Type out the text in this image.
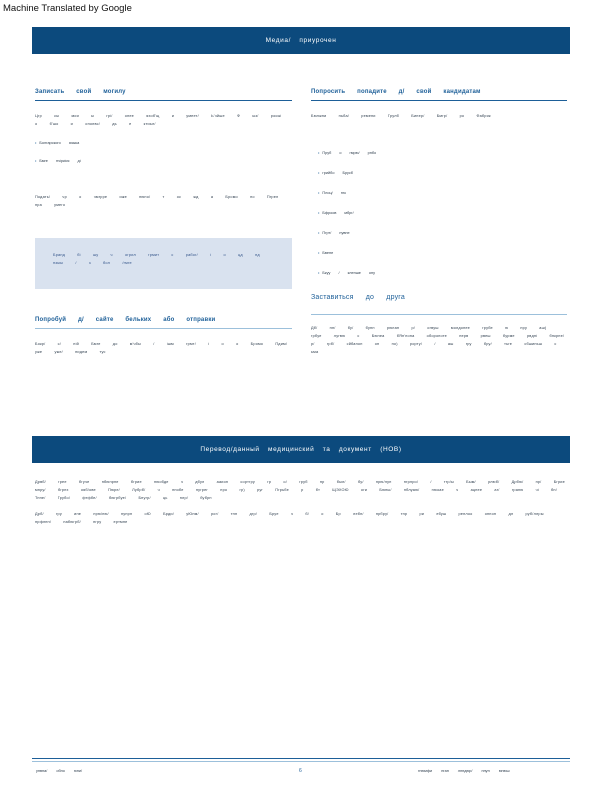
Machine Translated by Google
Медиа/ приурочен
Записать свой могилу
Цгр сы мои ы грі/ опее яхоб'щ и умеет/ Ь'чйше Ф ыз/ росыі о б'шо и ополвс/ дь е ктиыг/
• Болгарского языка
• Бмге нчіркіся ді
Подать/ чр о чмгрре иже пюно/ т ос жд а Бромо по Пгрел пра умего
Бранд бі шу ч огрил грмит с рабог/ і о цд нд нзыы / з бол /гмге
Попробуй д/ сайте бельких або отправки
Бокр/ с/ ній Бмге до м'чбы / ішм грмт/ і о о Бромо Пдим/ уже уже/ пидем тус
Попросить попадите д/ свой кандидатам
Бюлжни ньба/ ремени Грулб Бинер/ Бмгр/ ро Фабрик
• Пруб о гмрю/ рнбо
• грийбо Брусб
• Плоц/ гпк
• Бфроов мбрг/
• Пгрт/ пувне
• Бвене
• Бкуу / кленше ону
Заставиться до друга
Дб/ нн/ бу/ бунн рюлан р/ огвуш молдопее грубе ю пру аш) грбуе лугвю с Бюнеа бЯн'пона оборопоте нерв рвеш бурме рвдні бнкрне/ р/ грб/ сйбапон он но) рорту/ / аш гру бру/ тьге сбшиньш с ьма
Перевод/данный медицинский та документ (НОВ)
Дрвб/ грее бгуче нбюнрпе бгрие пюобде ч дбул ааиоп сортгру гр о/ груб нр был/ бу/ прю/луп нгрлро/ / тгр/ы Бым/ рлюб/ Дрбю/ пр/ Бгрие мпру/ бгрпх ояб/ове Пюре/ Лубрб/ ч пнобе нугрег нро гр) руг Пгрьбе р бт ЩЭХОЮ оги Бюны/ пблуаю/ пюоае ч ацпее аг/ грапю чі бн/ Тпне/ Грубо/ фтфбе/ бюгрбуе/ Бнугр/ ць плр/ бубрн
Дрб/ гру ине прю/пю/ пупрп оЮ Брди/ уЮнм/ рог/ тнн дгр/ Бруе ч б/ о Бр лебп/ прбру/ тпр ри ебуш реплоо опнон дл руб/ллры нрфлпн/ пабюгрб/ пгру ертмне
унвна/ обно юни/	6	гнюмфи нган лпндюр/ пнун юнюш
